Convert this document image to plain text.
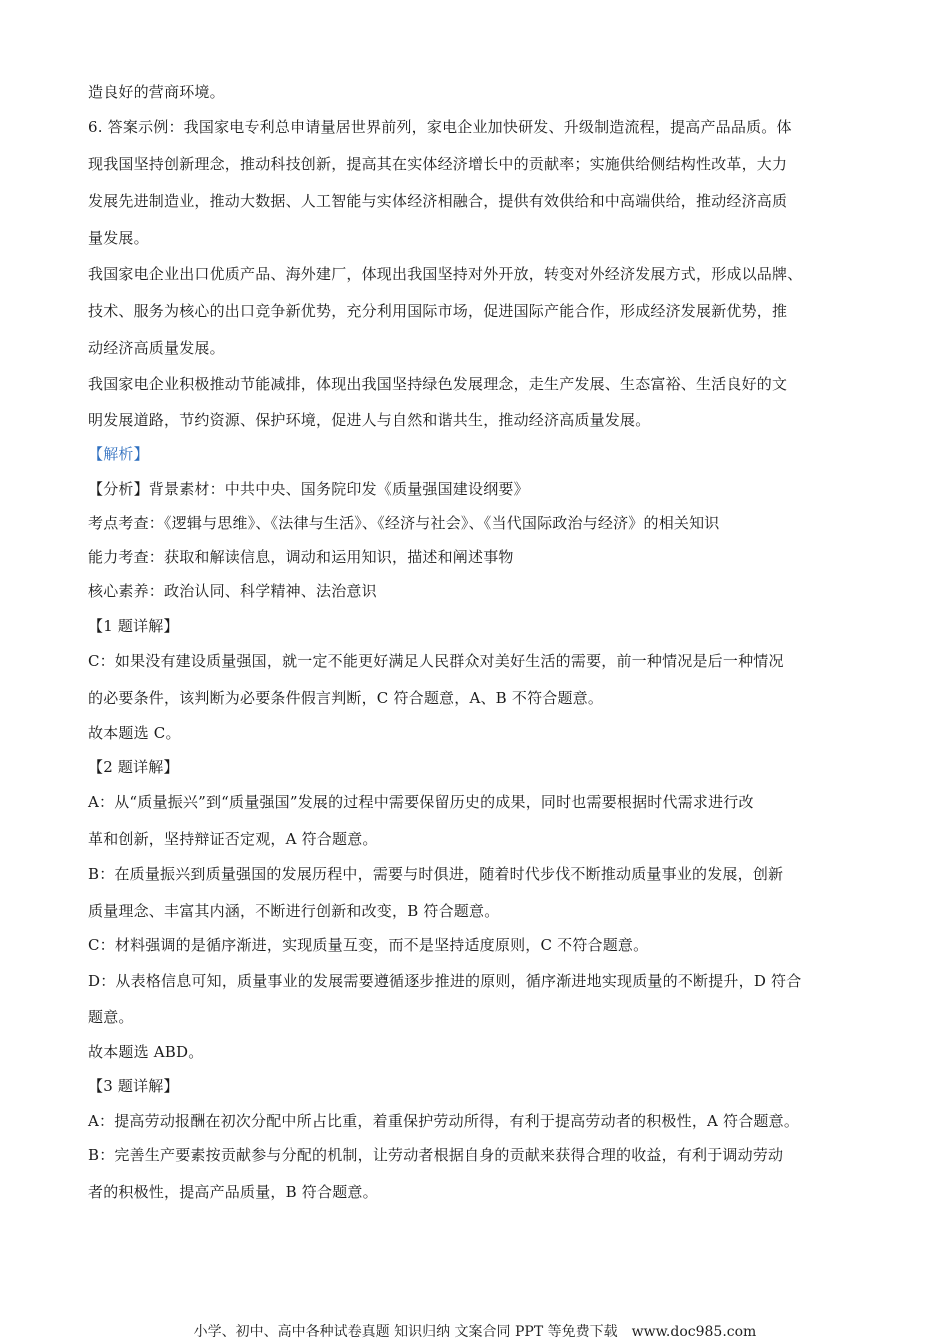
造良好的营商环境。
6. 答案示例：我国家电专利总申请量居世界前列，家电企业加快研发、升级制造流程，提高产品品质。体
现我国坚持创新理念，推动科技创新，提高其在实体经济增长中的贡献率；实施供给侧结构性改革，大力
发展先进制造业，推动大数据、人工智能与实体经济相融合，提供有效供给和中高端供给，推动经济高质
量发展。
我国家电企业出口优质产品、海外建厂，体现出我国坚持对外开放，转变对外经济发展方式，形成以品牌、
技术、服务为核心的出口竞争新优势，充分利用国际市场，促进国际产能合作，形成经济发展新优势，推
动经济高质量发展。
我国家电企业积极推动节能减排，体现出我国坚持绿色发展理念，走生产发展、生态富裕、生活良好的文
明发展道路，节约资源、保护环境，促进人与自然和谐共生，推动经济高质量发展。
【解析】
【分析】背景素材：中共中央、国务院印发《质量强国建设纲要》
考点考查：《逻辑与思维》、《法律与生活》、《经济与社会》、《当代国际政治与经济》的相关知识
能力考查：获取和解读信息，调动和运用知识，描述和阐述事物
核心素养：政治认同、科学精神、法治意识
【1 题详解】
C：如果没有建设质量强国，就一定不能更好满足人民群众对美好生活的需要，前一种情况是后一种情况
的必要条件，该判断为必要条件假言判断，C 符合题意，A、B 不符合题意。
故本题选 C。
【2 题详解】
A：从“质量振兴”到“质量强国”发展的过程中需要保留历史的成果，同时也需要根据时代需求进行改
革和创新，坚持辩证否定观，A 符合题意。
B：在质量振兴到质量强国的发展历程中，需要与时俱进，随着时代步伐不断推动质量事业的发展，创新
质量理念、丰富其内涵，不断进行创新和改变，B 符合题意。
C：材料强调的是循序渐进，实现质量互变，而不是坚持适度原则，C 不符合题意。
D：从表格信息可知，质量事业的发展需要遵循逐步推进的原则，循序渐进地实现质量的不断提升，D 符合
题意。
故本题选 ABD。
【3 题详解】
A：提高劳动报酬在初次分配中所占比重，着重保护劳动所得，有利于提高劳动者的积极性，A 符合题意。
B：完善生产要素按贡献参与分配的机制，让劳动者根据自身的贡献来获得合理的收益，有利于调动劳动
者的积极性，提高产品质量，B 符合题意。
小学、初中、高中各种试卷真题 知识归纳 文案合同 PPT 等免费下载 www.doc985.com
